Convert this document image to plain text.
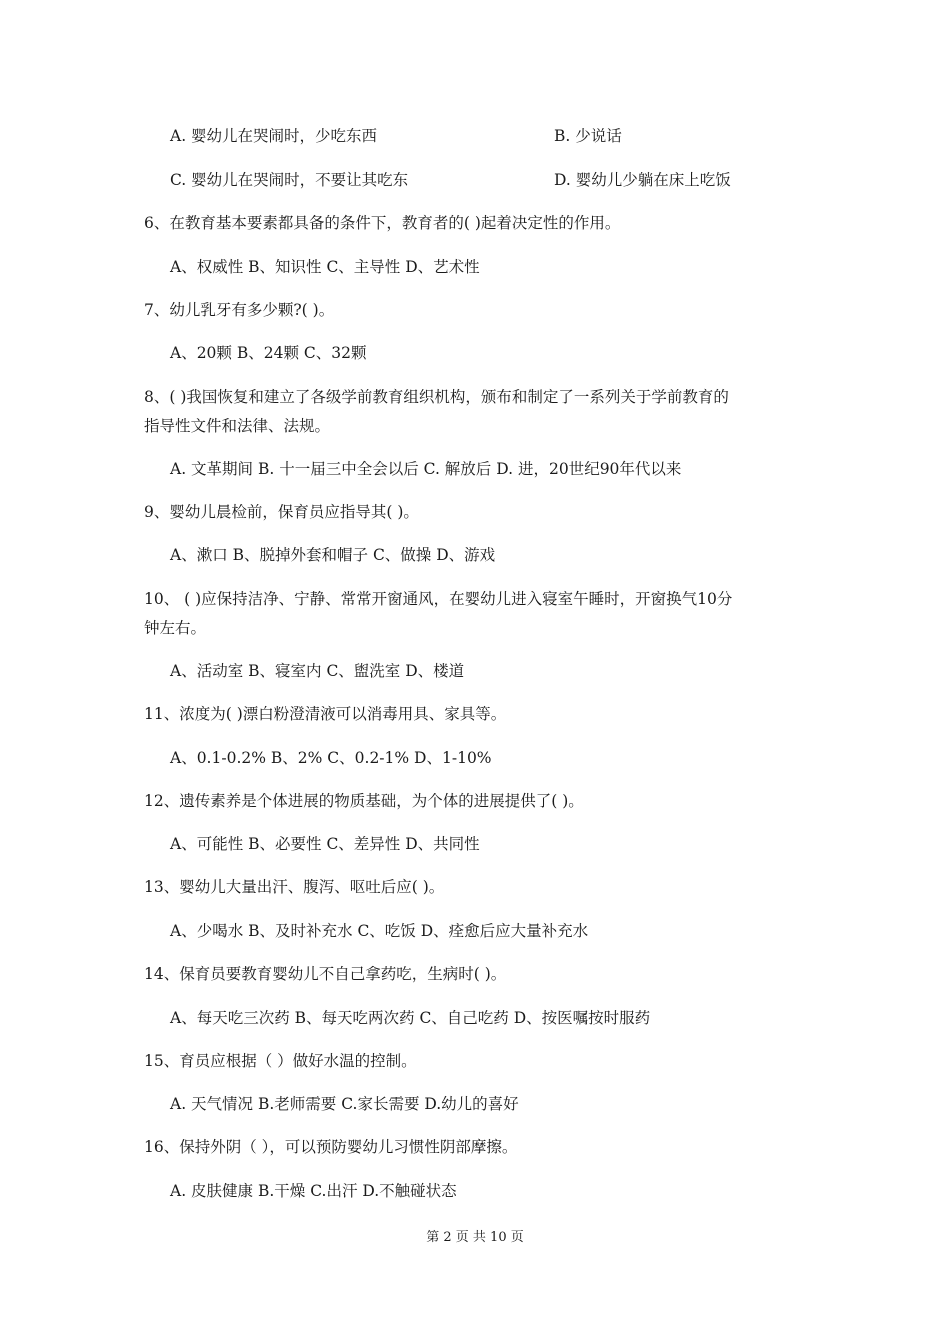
A. 婴幼儿在哭闹时，少吃东西	B. 少说话
C. 婴幼儿在哭闹时，不要让其吃东	D. 婴幼儿少躺在床上吃饭
6、在教育基本要素都具备的条件下，教育者的( )起着决定性的作用。
A、权威性 B、知识性 C、主导性 D、艺术性
7、幼儿乳牙有多少颗?( )。
A、20颗 B、24颗 C、32颗
8、( )我国恢复和建立了各级学前教育组织机构，颁布和制定了一系列关于学前教育的
指导性文件和法律、法规。
A. 文革期间 B. 十一届三中全会以后 C. 解放后 D. 进，20世纪90年代以来
9、婴幼儿晨检前，保育员应指导其( )。
A、漱口 B、脱掉外套和帽子 C、做操 D、游戏
10、 ( )应保持洁净、宁静、常常开窗通风，在婴幼儿进入寝室午睡时，开窗换气10分
钟左右。
A、活动室 B、寝室内 C、盥洗室 D、楼道
11、浓度为( )漂白粉澄清液可以消毒用具、家具等。
A、0.1-0.2% B、2% C、0.2-1% D、1-10%
12、遗传素养是个体进展的物质基础，为个体的进展提供了( )。
A、可能性 B、必要性 C、差异性 D、共同性
13、婴幼儿大量出汗、腹泻、呕吐后应( )。
A、少喝水 B、及时补充水 C、吃饭 D、痊愈后应大量补充水
14、保育员要教育婴幼儿不自己拿药吃，生病时( )。
A、每天吃三次药 B、每天吃两次药 C、自己吃药 D、按医嘱按时服药
15、育员应根据（ ）做好水温的控制。
A. 天气情况 B.老师需要 C.家长需要 D.幼儿的喜好
16、保持外阴（ ），可以预防婴幼儿习惯性阴部摩擦。
A. 皮肤健康 B.干燥 C.出汗 D.不触碰状态
第 2 页 共 10 页
